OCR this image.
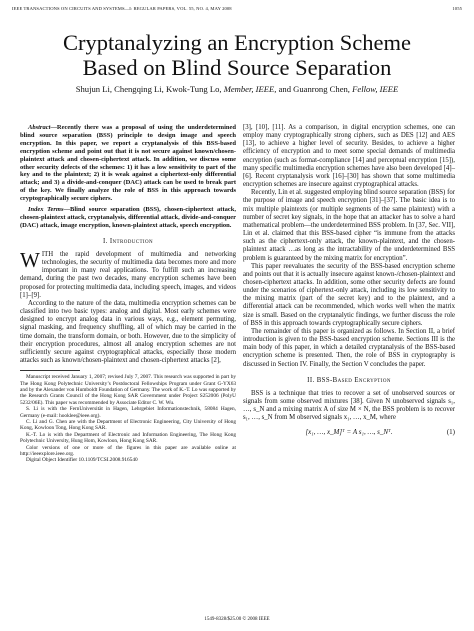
IEEE TRANSACTIONS ON CIRCUITS AND SYSTEMS—I: REGULAR PAPERS, VOL. 55, NO. 4, MAY 2008	1055
Cryptanalyzing an Encryption Scheme
Based on Blind Source Separation
Shujun Li, Chengqing Li, Kwok-Tung Lo, Member, IEEE, and Guanrong Chen, Fellow, IEEE

Abstract—Recently there was a proposal of using the underdetermined blind source separation (BSS) principle to design image and speech encryption. In this paper, we report a cryptanalysis of this BSS-based encryption scheme and point out that it is not secure against known/chosen-plaintext attack and chosen-ciphertext attack. In addition, we discuss some other security defects of the schemes: 1) it has a low sensitivity to part of the key and to the plaintext; 2) it is weak against a ciphertext-only differential attack; and 3) a divide-and-conquer (DAC) attack can be used to break part of the key. We finally analyze the role of BSS in this approach towards cryptographically secure ciphers.

Index Terms—Blind source separation (BSS), chosen-ciphertext attack, chosen-plaintext attack, cryptanalysis, differential attack, divide-and-conquer (DAC) attack, image encryption, known-plaintext attack, speech encryption.

I. Introduction

WITH the rapid development of multimedia and networking technologies, the security of multimedia data becomes more and more important in many real applications. To fulfill such an increasing demand, during the past two decades, many encryption schemes have been proposed for protecting multimedia data, including speech, images, and videos [1]–[9].

According to the nature of the data, multimedia encryption schemes can be classified into two basic types: analog and digital. Most early schemes were designed to encrypt analog data in various ways, e.g., element permuting, signal masking, and frequency shuffling, all of which may be carried in the time domain, the transform domain, or both. However, due to the simplicity of their encryption procedures, almost all analog encryption schemes are not sufficiently secure against cryptographical attacks, especially those modern attacks such as known/chosen-plaintext and chosen-ciphertext attacks [2],

Manuscript received January 1, 2007; revised July 7, 2007. This research was supported in part by The Hong Kong Polytechnic University’s Postdoctoral Fellowships Program under Grant G-YX63 and by the Alexander von Humboldt Foundation of Germany. The work of K.-T. Lo was supported by the Research Grants Council of the Hong Kong SAR Government under Project S252006 (PolyU 5232/06E). This paper was recommended by Associate Editor C. W. Wu.

S. Li is with the FernUniversität in Hagen, Lehrgebiet Informationstechnik, 58084 Hagen, Germany (e-mail: hooklee@ieee.org).

C. Li and G. Chen are with the Department of Electronic Engineering, City University of Hong Kong, Kowloon Tong, Hong Kong SAR.

K.-T. Lo is with the Department of Electronic and Information Engineering, The Hong Kong Polytechnic University, Hung Hom, Kowloon, Hong Kong SAR.

Color versions of one or more of the figures in this paper are available online at http://ieeexplore.ieee.org.

Digital Object Identifier 10.1109/TCSI.2008.916540

[3], [10], [11]. As a comparison, in digital encryption schemes, one can employ many cryptographically strong ciphers, such as DES [12] and AES [13], to achieve a higher level of security. Besides, to achieve a higher efficiency of encryption and to meet some special demands of multimedia encryption (such as format-compliance [14] and perceptual encryption [15]), many specific multimedia encryption schemes have also been developed [4]–[6]. Recent cryptanalysis work [16]–[30] has shown that some multimedia encryption schemes are insecure against cryptographical attacks.

Recently, Lin et al. suggested employing blind source separation (BSS) for the purpose of image and speech encryption [31]–[37]. The basic idea is to mix multiple plaintexts (or multiple segments of the same plaintext) with a number of secret key signals, in the hope that an attacker has to solve a hard mathematical problem—the underdetermined BSS problem. In [37, Sec. VII], Lin et al. claimed that this BSS-based cipher “is immune from the attacks such as the ciphertext-only attack, the known-plaintext, and the chosen-plaintext attack …as long as the intractability of the underdetermined BSS problem is guaranteed by the mixing matrix for encryption”.

This paper reevaluates the security of the BSS-based encryption scheme and points out that it is actually insecure against known-/chosen-plaintext and chosen-ciphertext attacks. In addition, some other security defects are found under the scenarios of ciphertext-only attack, including its low sensitivity to the mixing matrix (part of the secret key) and to the plaintext, and a differential attack can be recommended, which works well when the matrix size is small. Based on the cryptanalytic findings, we further discuss the role of BSS in this approach towards cryptographically secure ciphers.

The remainder of this paper is organized as follows. In Section II, a brief introduction is given to the BSS-based encryption scheme. Sections III is the main body of this paper, in which a detailed cryptanalysis of the BSS-based encryption scheme is presented. Then, the role of BSS in cryptography is discussed in Section IV. Finally, the Section V concludes the paper.

II. BSS-Based Encryption

BSS is a technique that tries to recover a set of unobserved sources or signals from some observed mixtures [38]. Given N unobserved signals s₁, …, s_N and a mixing matrix A of size M × N, the BSS problem is to recover s₁, …, s_N from M observed signals x₁, …, x_M, where

[x₁, …, x_M]ᵀ = A s₁, …, s_Nᵀ.	(1)

1549-8328/$25.00 © 2008 IEEE
